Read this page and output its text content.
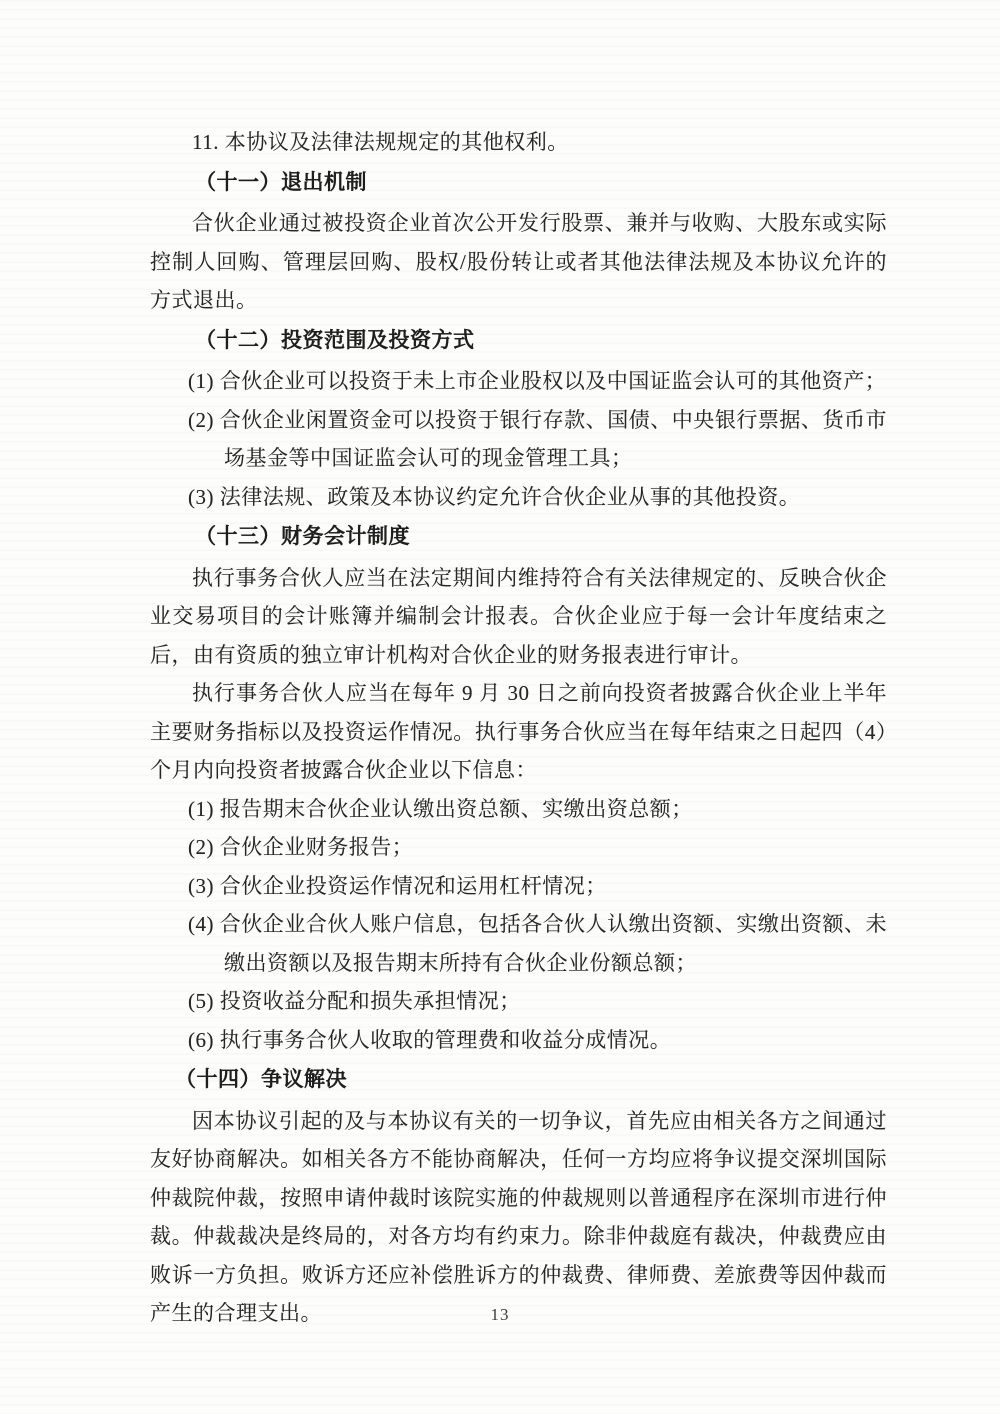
11. 本协议及法律法规规定的其他权利。

（十一）退出机制

合伙企业通过被投资企业首次公开发行股票、兼并与收购、大股东或实际控制人回购、管理层回购、股权/股份转让或者其他法律法规及本协议允许的方式退出。

（十二）投资范围及投资方式

(1) 合伙企业可以投资于未上市企业股权以及中国证监会认可的其他资产；

(2) 合伙企业闲置资金可以投资于银行存款、国债、中央银行票据、货币市场基金等中国证监会认可的现金管理工具；

(3) 法律法规、政策及本协议约定允许合伙企业从事的其他投资。

（十三）财务会计制度

执行事务合伙人应当在法定期间内维持符合有关法律规定的、反映合伙企业交易项目的会计账簿并编制会计报表。合伙企业应于每一会计年度结束之后，由有资质的独立审计机构对合伙企业的财务报表进行审计。

执行事务合伙人应当在每年 9 月 30 日之前向投资者披露合伙企业上半年主要财务指标以及投资运作情况。执行事务合伙应当在每年结束之日起四（4）个月内向投资者披露合伙企业以下信息：

(1) 报告期末合伙企业认缴出资总额、实缴出资总额；

(2) 合伙企业财务报告；

(3) 合伙企业投资运作情况和运用杠杆情况；

(4) 合伙企业合伙人账户信息，包括各合伙人认缴出资额、实缴出资额、未缴出资额以及报告期末所持有合伙企业份额总额；

(5) 投资收益分配和损失承担情况；

(6) 执行事务合伙人收取的管理费和收益分成情况。

（十四）争议解决

因本协议引起的及与本协议有关的一切争议，首先应由相关各方之间通过友好协商解决。如相关各方不能协商解决，任何一方均应将争议提交深圳国际仲裁院仲裁，按照申请仲裁时该院实施的仲裁规则以普通程序在深圳市进行仲裁。仲裁裁决是终局的，对各方均有约束力。除非仲裁庭有裁决，仲裁费应由败诉一方负担。败诉方还应补偿胜诉方的仲裁费、律师费、差旅费等因仲裁而产生的合理支出。	13
